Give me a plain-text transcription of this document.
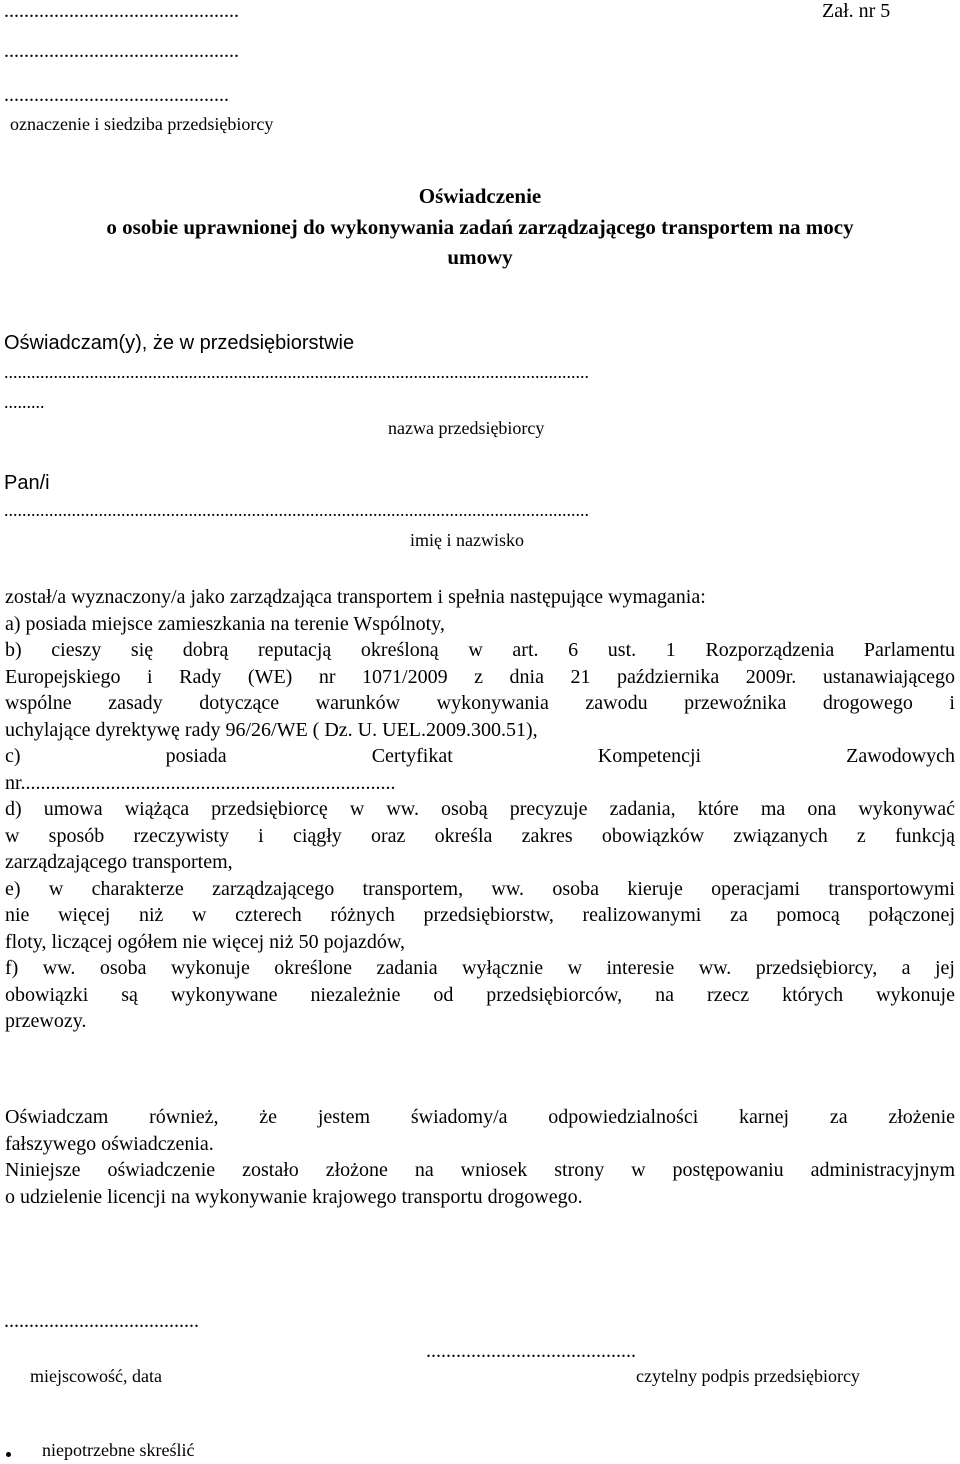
...............................................	Zał. nr 5
...............................................
.............................................
oznaczenie i siedziba przedsiębiorcy
Oświadczenie
o osobie uprawnionej do wykonywania zadań zarządzającego transportem na mocy
umowy
Oświadczam(y), że w przedsiębiorstwie
..................................................................................................................................
.........
nazwa przedsiębiorcy
Pan/i
..................................................................................................................................
imię i nazwisko
został/a wyznaczony/a jako zarządzająca transportem i spełnia następujące wymagania:
a) posiada miejsce zamieszkania na terenie Wspólnoty,
b) cieszy się dobrą reputacją określoną w art. 6 ust. 1 Rozporządzenia Parlamentu
Europejskiego i Rady (WE) nr 1071/2009 z dnia 21 października 2009r. ustanawiającego
wspólne zasady dotyczące warunków wykonywania zawodu przewoźnika drogowego i
uchylające dyrektywę rady 96/26/WE ( Dz. U. UEL.2009.300.51),
c) posiada Certyfikat Kompetencji Zawodowych
nr...........................................................................
d) umowa wiążąca przedsiębiorcę w ww. osobą precyzuje zadania, które ma ona wykonywać
w sposób rzeczywisty i ciągły oraz określa zakres obowiązków związanych z funkcją
zarządzającego transportem,
e) w charakterze zarządzającego transportem, ww. osoba kieruje operacjami transportowymi
nie więcej niż w czterech różnych przedsiębiorstw, realizowanymi za pomocą połączonej
floty, liczącej ogółem nie więcej niż 50 pojazdów,
f) ww. osoba wykonuje określone zadania wyłącznie w interesie ww. przedsiębiorcy, a jej
obowiązki są wykonywane niezależnie od przedsiębiorców, na rzecz których wykonuje
przewozy.
Oświadczam również, że jestem świadomy/a odpowiedzialności karnej za złożenie
fałszywego oświadczenia.
Niniejsze oświadczenie zostało złożone na wniosek strony w postępowaniu administracyjnym
o udzielenie licencji na wykonywanie krajowego transportu drogowego.
.......................................
..........................................
miejscowość, data	czytelny podpis przedsiębiorcy
niepotrzebne skreślić
